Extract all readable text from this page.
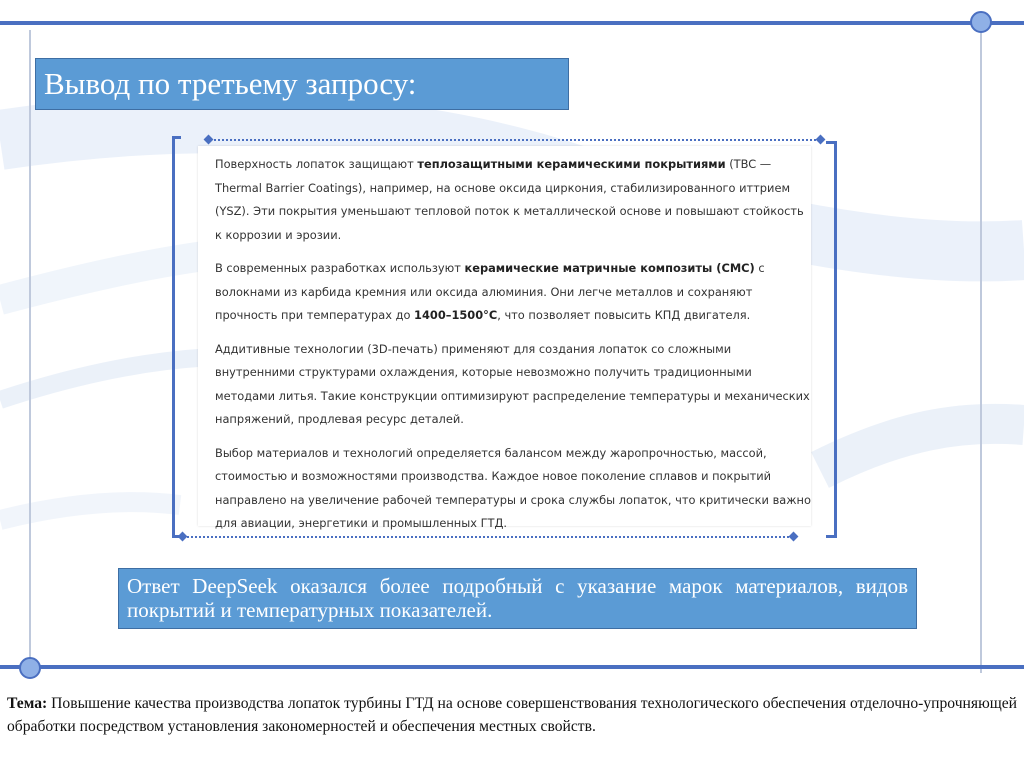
Вывод по третьему запросу:

Поверхность лопаток защищают теплозащитными керамическими покрытиями (TBC — Thermal Barrier Coatings), например, на основе оксида циркония, стабилизированного иттрием (YSZ). Эти покрытия уменьшают тепловой поток к металлической основе и повышают стойкость к коррозии и эрозии.

В современных разработках используют керамические матричные композиты (CMC) с волокнами из карбида кремния или оксида алюминия. Они легче металлов и сохраняют прочность при температурах до 1400–1500°C, что позволяет повысить КПД двигателя.

Аддитивные технологии (3D-печать) применяют для создания лопаток со сложными внутренними структурами охлаждения, которые невозможно получить традиционными методами литья. Такие конструкции оптимизируют распределение температуры и механических напряжений, продлевая ресурс деталей.

Выбор материалов и технологий определяется балансом между жаропрочностью, массой, стоимостью и возможностями производства. Каждое новое поколение сплавов и покрытий направлено на увеличение рабочей температуры и срока службы лопаток, что критически важно для авиации, энергетики и промышленных ГТД.

Ответ DeepSeek оказался более подробный с указание марок материалов, видов покрытий и температурных показателей.
Тема: Повышение качества производства лопаток турбины ГТД на основе совершенствования технологического обеспечения отделочно-упрочняющей обработки посредством установления закономерностей и обеспечения местных свойств.
